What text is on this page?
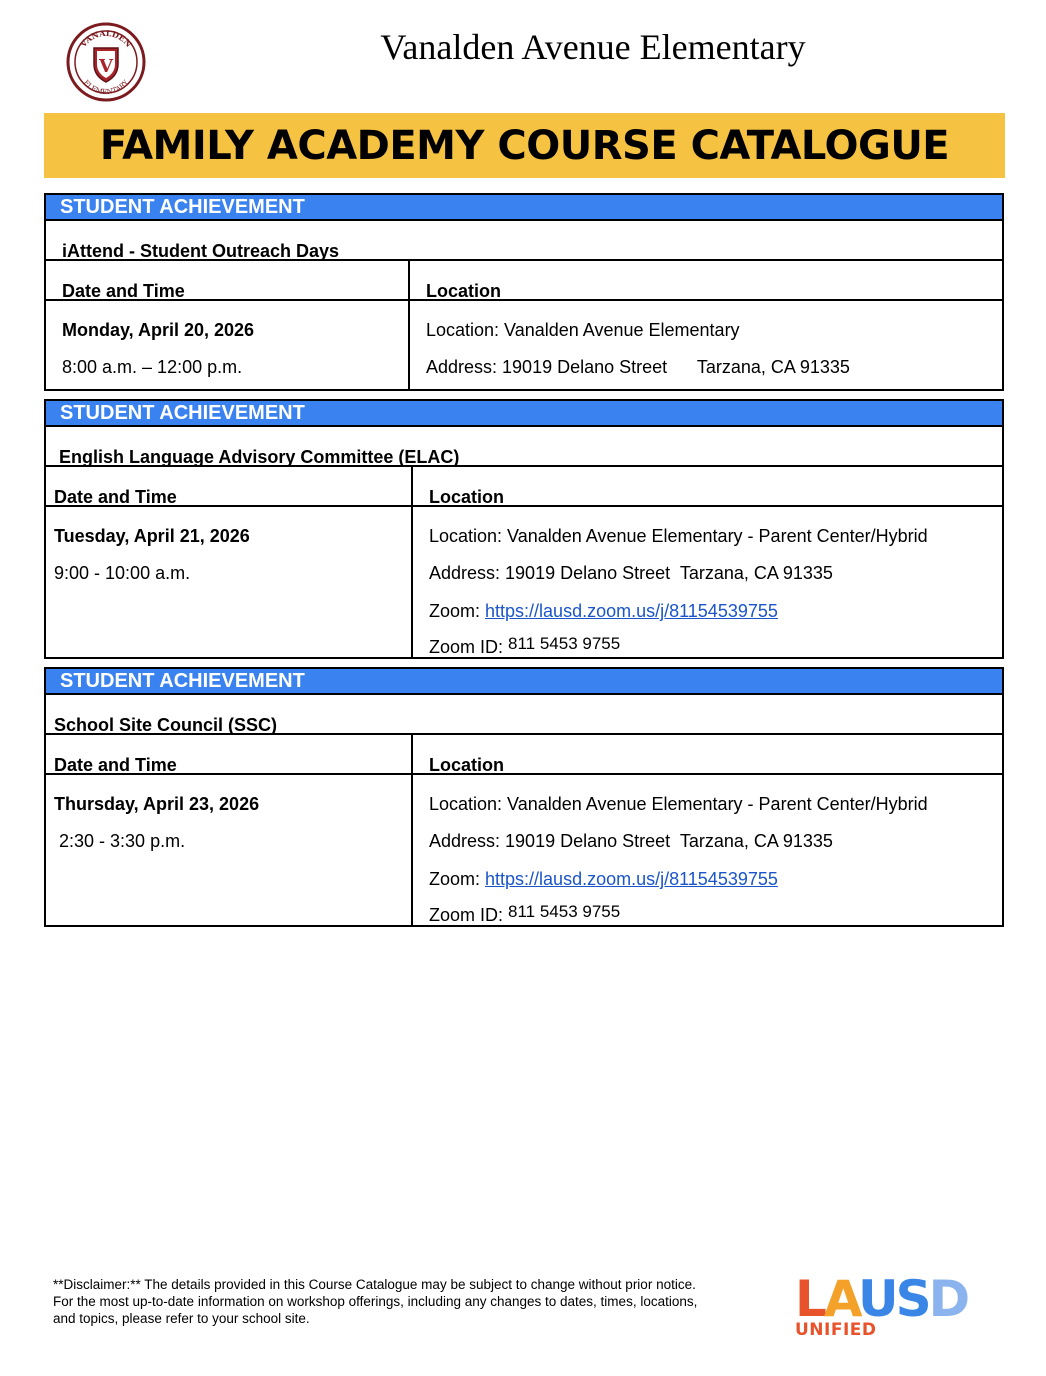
VANALDEN
ELEMENTARY
V	Vanalden Avenue Elementary
FAMILY ACADEMY COURSE CATALOGUE
STUDENT ACHIEVEMENT
iAttend - Student Outreach Days
Date and Time
Monday, April 20, 2026
8:00 a.m. – 12:00 p.m.
Location
Location: Vanalden Avenue Elementary
Address: 19019 Delano Street      Tarzana, CA 91335
STUDENT ACHIEVEMENT
English Language Advisory Committee (ELAC)
Date and Time
Tuesday, April 21, 2026
9:00 - 10:00 a.m.
Location
Location: Vanalden Avenue Elementary - Parent Center/Hybrid
Address: 19019 Delano Street  Tarzana, CA 91335
Zoom: https://lausd.zoom.us/j/81154539755
Zoom ID: 811 5453 9755
STUDENT ACHIEVEMENT
School Site Council (SSC)
Date and Time
Thursday, April 23, 2026
2:30 - 3:30 p.m.
Location
Location: Vanalden Avenue Elementary - Parent Center/Hybrid
Address: 19019 Delano Street  Tarzana, CA 91335
Zoom: https://lausd.zoom.us/j/81154539755
Zoom ID: 811 5453 9755
**Disclaimer:** The details provided in this Course Catalogue may be subject to change without prior notice. For the most up-to-date information on workshop offerings, including any changes to dates, times, locations, and topics, please refer to your school site.	LAUSD
UNIFIED
